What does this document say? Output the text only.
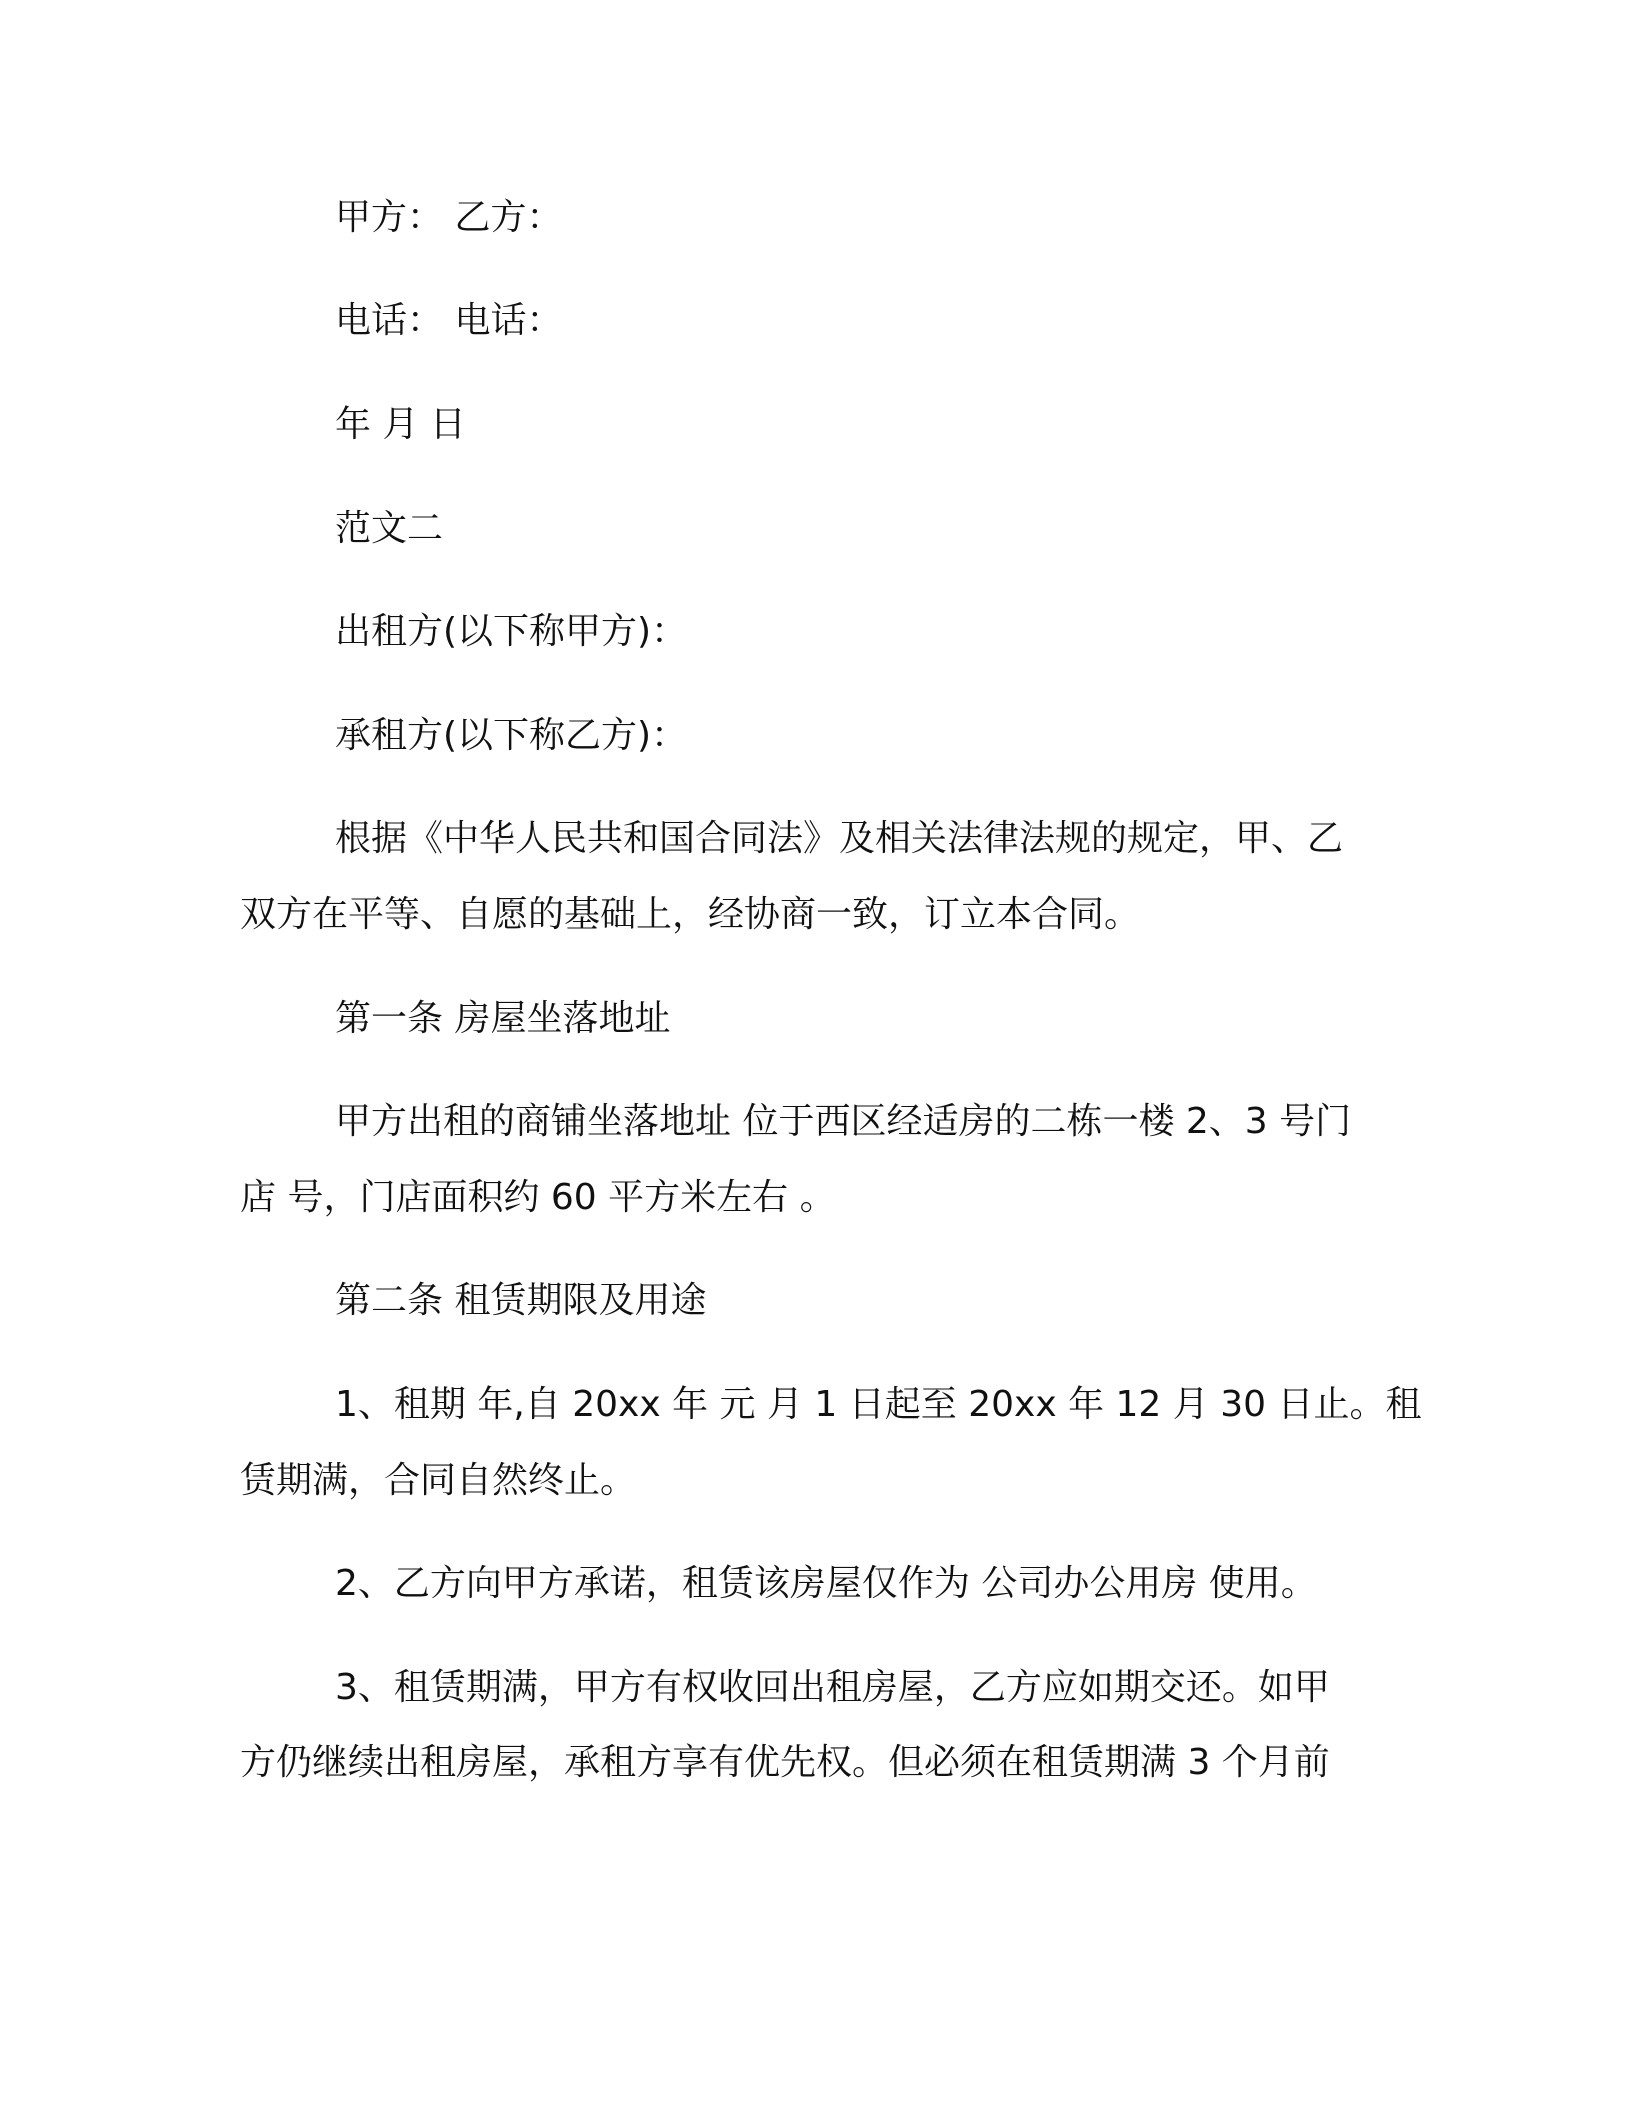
甲方： 乙方：
电话： 电话：
年 月 日
范文二
出租方(以下称甲方)：
承租方(以下称乙方)：
根据《中华人民共和国合同法》及相关法律法规的规定，甲、乙
双方在平等、自愿的基础上，经协商一致，订立本合同。
第一条 房屋坐落地址
甲方出租的商铺坐落地址 位于西区经适房的二栋一楼 2、3 号门
店 号，门店面积约 60 平方米左右 。
第二条 租赁期限及用途
1、租期 年,自 20xx 年 元 月 1 日起至 20xx 年 12 月 30 日止。租
赁期满，合同自然终止。
2、乙方向甲方承诺，租赁该房屋仅作为 公司办公用房 使用。
3、租赁期满，甲方有权收回出租房屋，乙方应如期交还。如甲
方仍继续出租房屋，承租方享有优先权。但必须在租赁期满 3 个月前
